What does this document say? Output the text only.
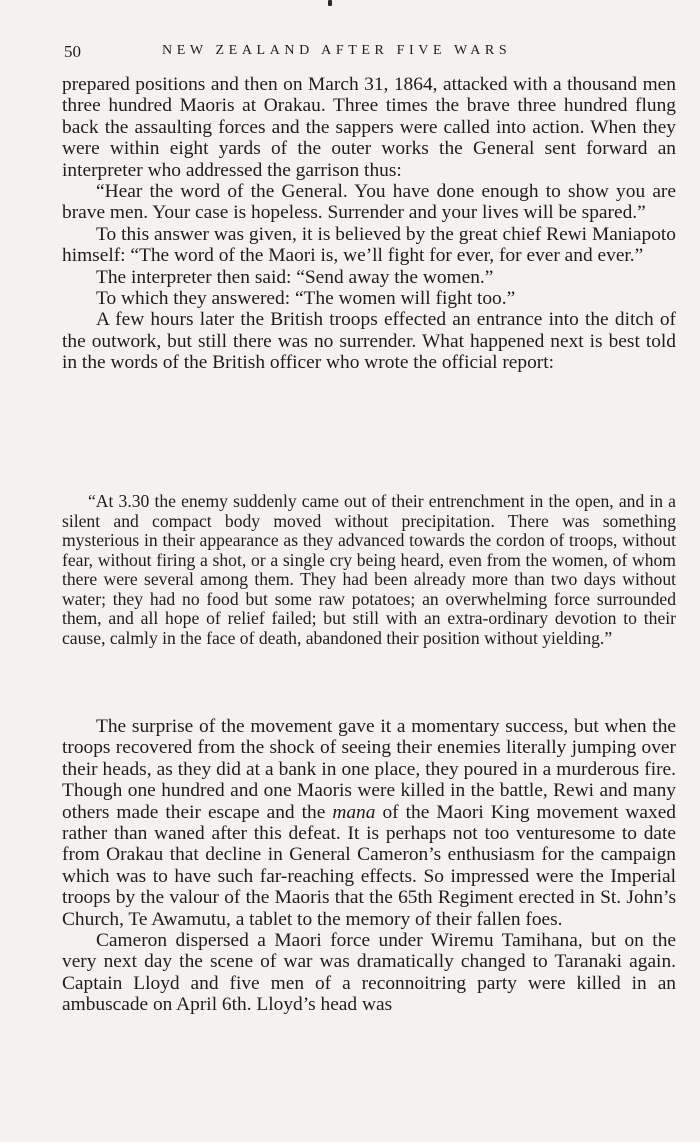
50	NEW ZEALAND AFTER FIVE WARS

prepared positions and then on March 31, 1864, attacked with a thousand men three hundred Maoris at Orakau. Three times the brave three hundred flung back the assaulting forces and the sappers were called into action. When they were within eight yards of the outer works the General sent forward an interpreter who addressed the garrison thus:

“Hear the word of the General. You have done enough to show you are brave men. Your case is hopeless. Surrender and your lives will be spared.”

To this answer was given, it is believed by the great chief Rewi Maniapoto himself: “The word of the Maori is, we’ll fight for ever, for ever and ever.”

The interpreter then said: “Send away the women.”

To which they answered: “The women will fight too.”

A few hours later the British troops effected an entrance into the ditch of the outwork, but still there was no surrender. What happened next is best told in the words of the British officer who wrote the official report:

“At 3.30 the enemy suddenly came out of their entrenchment in the open, and in a silent and compact body moved without precipitation. There was something mysterious in their appearance as they advanced towards the cordon of troops, without fear, without firing a shot, or a single cry being heard, even from the women, of whom there were several among them. They had been already more than two days without water; they had no food but some raw potatoes; an overwhelming force surrounded them, and all hope of relief failed; but still with an extra-ordinary devotion to their cause, calmly in the face of death, abandoned their position without yielding.”

The surprise of the movement gave it a momentary success, but when the troops recovered from the shock of seeing their enemies literally jumping over their heads, as they did at a bank in one place, they poured in a murderous fire. Though one hundred and one Maoris were killed in the battle, Rewi and many others made their escape and the mana of the Maori King movement waxed rather than waned after this defeat. It is perhaps not too venturesome to date from Orakau that decline in General Cameron’s enthusiasm for the campaign which was to have such far-reaching effects. So impressed were the Imperial troops by the valour of the Maoris that the 65th Regiment erected in St. John’s Church, Te Awamutu, a tablet to the memory of their fallen foes.

Cameron dispersed a Maori force under Wiremu Tamihana, but on the very next day the scene of war was dramatically changed to Taranaki again. Captain Lloyd and five men of a reconnoitring party were killed in an ambuscade on April 6th. Lloyd’s head was
